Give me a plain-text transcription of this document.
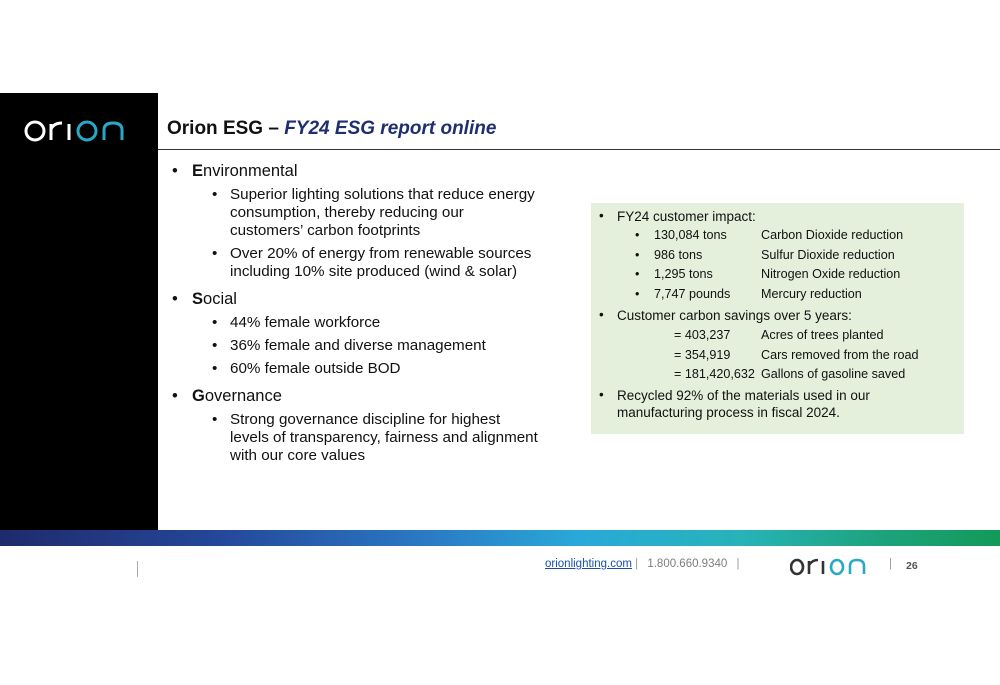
Orion ESG – FY24 ESG report online
• Environmental
• Superior lighting solutions that reduce energy consumption, thereby reducing our customers’ carbon footprints
• Over 20% of energy from renewable sources including 10% site produced (wind & solar)
• Social
• 44% female workforce
• 36% female and diverse management
• 60% female outside BOD
• Governance
• Strong governance discipline for highest levels of transparency, fairness and alignment with our core values
• FY24 customer impact:
• 130,084 tons	Carbon Dioxide reduction
• 986 tons	Sulfur Dioxide reduction
• 1,295 tons	Nitrogen Oxide reduction
• 7,747 pounds Mercury reduction
• Customer carbon savings over 5 years:
= 403,237 Acres of trees planted
= 354,919 Cars removed from the road
= 181,420,632 Gallons of gasoline saved
• Recycled 92% of the materials used in our manufacturing process in fiscal 2024.
orionlighting.com | 1.800.660.9340 |	| 26
